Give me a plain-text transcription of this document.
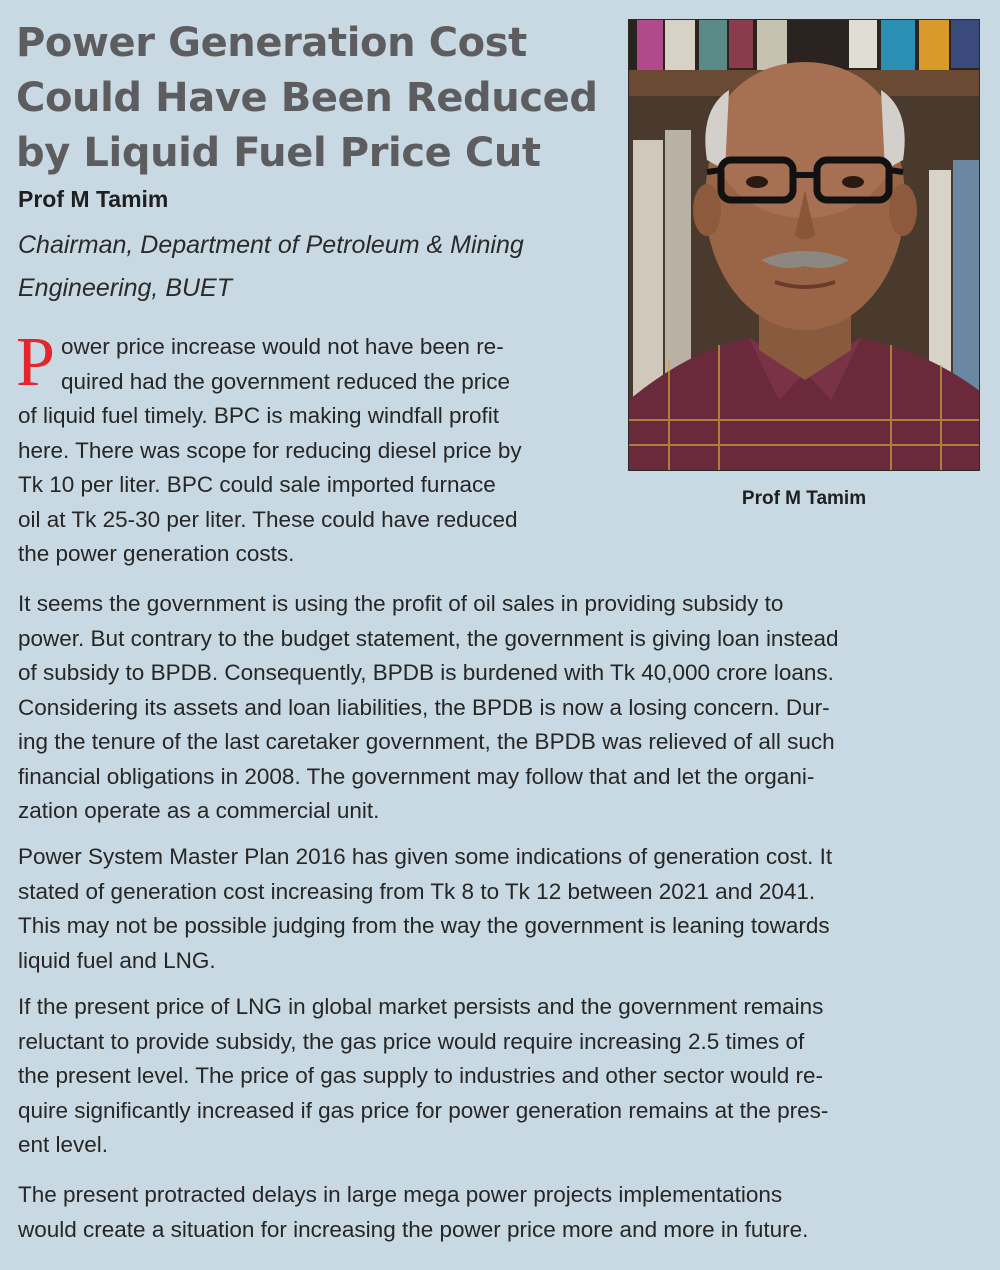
Power Generation Cost
Could Have Been Reduced
by Liquid Fuel Price Cut

Prof M Tamim

Chairman, Department of Petroleum & Mining
Engineering, BUET

Prof M Tamim
P ower price increase would not have been re-
quired had the government reduced the price
of liquid fuel timely. BPC is making windfall profit
here. There was scope for reducing diesel price by
Tk 10 per liter. BPC could sale imported furnace
oil at Tk 25-30 per liter. These could have reduced
the power generation costs.
It seems the government is using the profit of oil sales in providing subsidy to
power. But contrary to the budget statement, the government is giving loan instead
of subsidy to BPDB. Consequently, BPDB is burdened with Tk 40,000 crore loans.
Considering its assets and loan liabilities, the BPDB is now a losing concern. Dur-
ing the tenure of the last caretaker government, the BPDB was relieved of all such
financial obligations in 2008. The government may follow that and let the organi-
zation operate as a commercial unit.
Power System Master Plan 2016 has given some indications of generation cost. It
stated of generation cost increasing from Tk 8 to Tk 12 between 2021 and 2041.
This may not be possible judging from the way the government is leaning towards
liquid fuel and LNG.
If the present price of LNG in global market persists and the government remains
reluctant to provide subsidy, the gas price would require increasing 2.5 times of
the present level. The price of gas supply to industries and other sector would re-
quire significantly increased if gas price for power generation remains at the pres-
ent level.
The present protracted delays in large mega power projects implementations
would create a situation for increasing the power price more and more in future.
